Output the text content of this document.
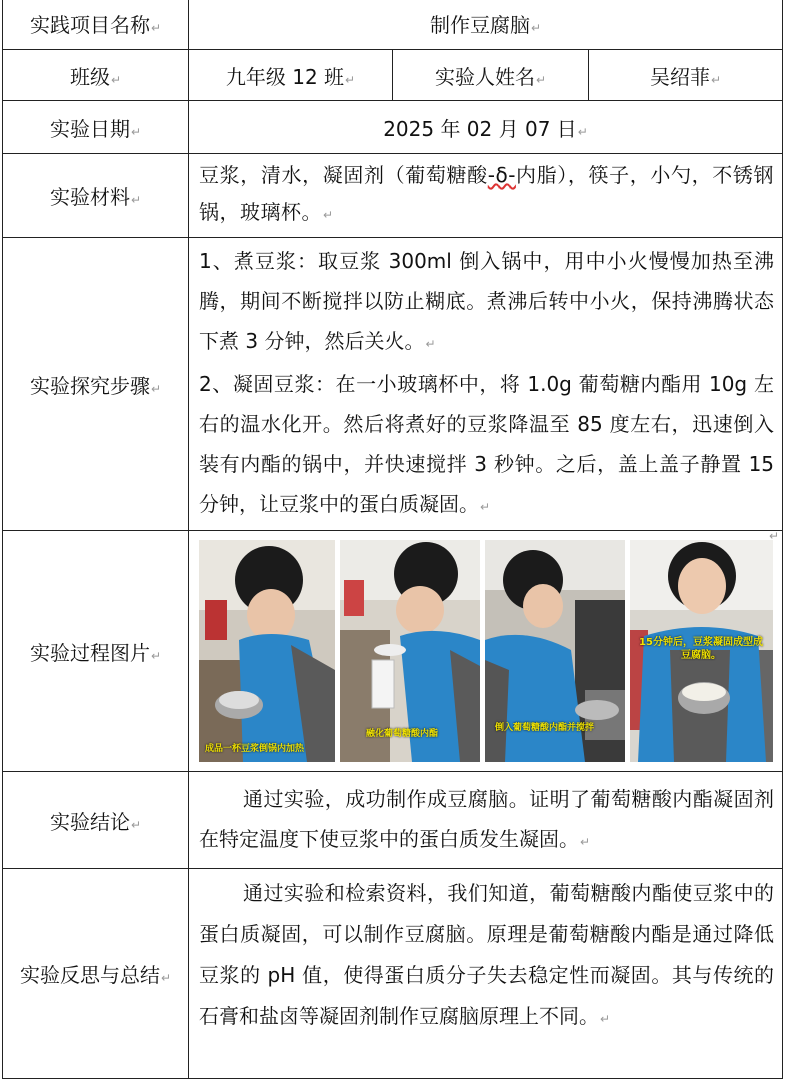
实践项目名称↵	制作豆腐脑↵		
班级↵	九年级 12 班↵	实验人姓名↵	吴绍菲↵
实验日期↵	2025 年 02 月 07 日↵		
实验材料↵	豆浆，清水，凝固剂（葡萄糖酸-δ-内脂），筷子，小勺，不锈钢锅，玻璃杯。↵		
实验探究步骤↵	1、煮豆浆：取豆浆 300ml 倒入锅中，用中小火慢慢加热至沸腾，期间不断搅拌以防止糊底。煮沸后转中小火，保持沸腾状态下煮 3 分钟，然后关火。↵
2、凝固豆浆：在一小玻璃杯中，将 1.0g 葡萄糖内酯用 10g 左右的温水化开。然后将煮好的豆浆降温至 85 度左右，迅速倒入装有内酯的锅中，并快速搅拌 3 秒钟。之后，盖上盖子静置 15 分钟，让豆浆中的蛋白质凝固。↵		

实验过程图片↵	成品一杯豆浆倒锅内加热
融化葡萄糖酸内酯
倒入葡萄糖酸内酯并搅拌
15分钟后，豆浆凝固成型成豆腐脑。
↵		

实验结论↵	通过实验，成功制作成豆腐脑。证明了葡萄糖酸内酯凝固剂在特定温度下使豆浆中的蛋白质发生凝固。↵		
实验反思与总结↵	通过实验和检索资料，我们知道，葡萄糖酸内酯使豆浆中的蛋白质凝固，可以制作豆腐脑。原理是葡萄糖酸内酯是通过降低豆浆的 pH 值，使得蛋白质分子失去稳定性而凝固。其与传统的石膏和盐卤等凝固剂制作豆腐脑原理上不同。↵		
